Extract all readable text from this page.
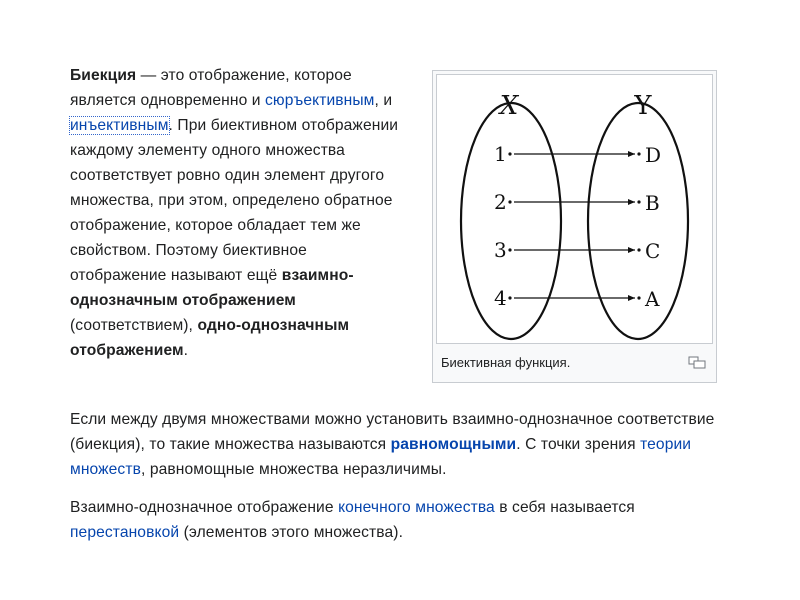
Биекция — это отображение, которое является одновременно и сюръективным, и инъективным. При биективном отображении каждому элементу одного множества соответствует ровно один элемент другого множества, при этом, определено обратное отображение, которое обладает тем же свойством. Поэтому биективное отображение называют ещё взаимно-однозначным отображением (соответствием), одно-однозначным отображением.
X	Y
1
2
3
4
D
B
C
A
Биективная функция.
Если между двумя множествами можно установить взаимно-однозначное соответствие (биекция), то такие множества называются равномощными. С точки зрения теории множеств, равномощные множества неразличимы.
Взаимно-однозначное отображение конечного множества в себя называется перестановкой (элементов этого множества).
